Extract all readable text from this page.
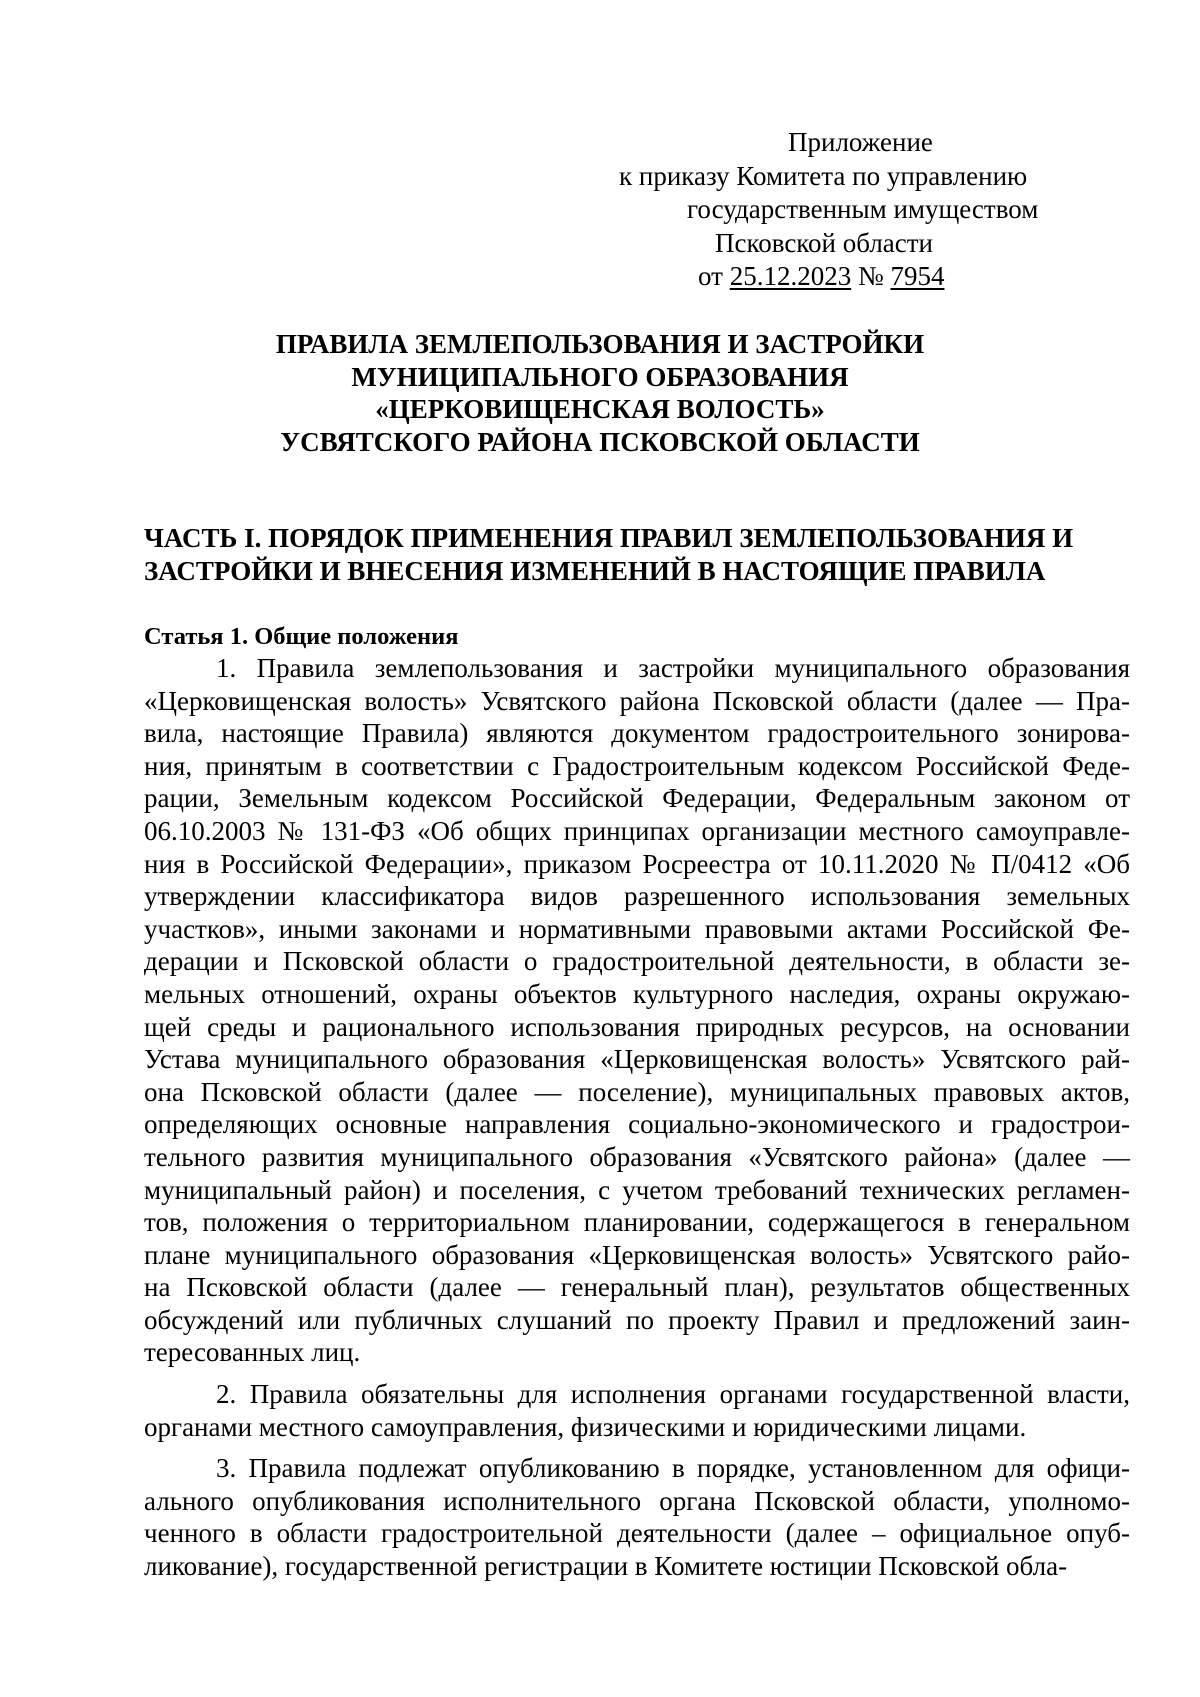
Приложение
к приказу Комитета по управлению
государственным имуществом
Псковской области
от 25.12.2023 № 7954
ПРАВИЛА ЗЕМЛЕПОЛЬЗОВАНИЯ И ЗАСТРОЙКИ
МУНИЦИПАЛЬНОГО ОБРАЗОВАНИЯ
«ЦЕРКОВИЩЕНСКАЯ ВОЛОСТЬ»
УСВЯТСКОГО РАЙОНА ПСКОВСКОЙ ОБЛАСТИ
ЧАСТЬ I. ПОРЯДОК ПРИМЕНЕНИЯ ПРАВИЛ ЗЕМЛЕПОЛЬЗОВАНИЯ И
ЗАСТРОЙКИ И ВНЕСЕНИЯ ИЗМЕНЕНИЙ В НАСТОЯЩИЕ ПРАВИЛА
Статья 1. Общие положения
1. Правила землепользования и застройки муниципального образования
«Церковищенская волость» Усвятского района Псковской области (далее — Пра-
вила, настоящие Правила) являются документом градостроительного зонирова-
ния, принятым в соответствии с Градостроительным кодексом Российской Феде-
рации, Земельным кодексом Российской Федерации, Федеральным законом от
06.10.2003 № 131-ФЗ «Об общих принципах организации местного самоуправле-
ния в Российской Федерации», приказом Росреестра от 10.11.2020 № П/0412 «Об
утверждении классификатора видов разрешенного использования земельных
участков», иными законами и нормативными правовыми актами Российской Фе-
дерации и Псковской области о градостроительной деятельности, в области зе-
мельных отношений, охраны объектов культурного наследия, охраны окружаю-
щей среды и рационального использования природных ресурсов, на основании
Устава муниципального образования «Церковищенская волость» Усвятского рай-
она Псковской области (далее — поселение), муниципальных правовых актов,
определяющих основные направления социально-экономического и градострои-
тельного развития муниципального образования «Усвятского района» (далее —
муниципальный район) и поселения, с учетом требований технических регламен-
тов, положения о территориальном планировании, содержащегося в генеральном
плане муниципального образования «Церковищенская волость» Усвятского райо-
на Псковской области (далее — генеральный план), результатов общественных
обсуждений или публичных слушаний по проекту Правил и предложений заин-
тересованных лиц.
2. Правила обязательны для исполнения органами государственной власти,
органами местного самоуправления, физическими и юридическими лицами.
3. Правила подлежат опубликованию в порядке, установленном для офици-
ального опубликования исполнительного органа Псковской области, уполномо-
ченного в области градостроительной деятельности (далее – официальное опуб-
ликование), государственной регистрации в Комитете юстиции Псковской обла-
